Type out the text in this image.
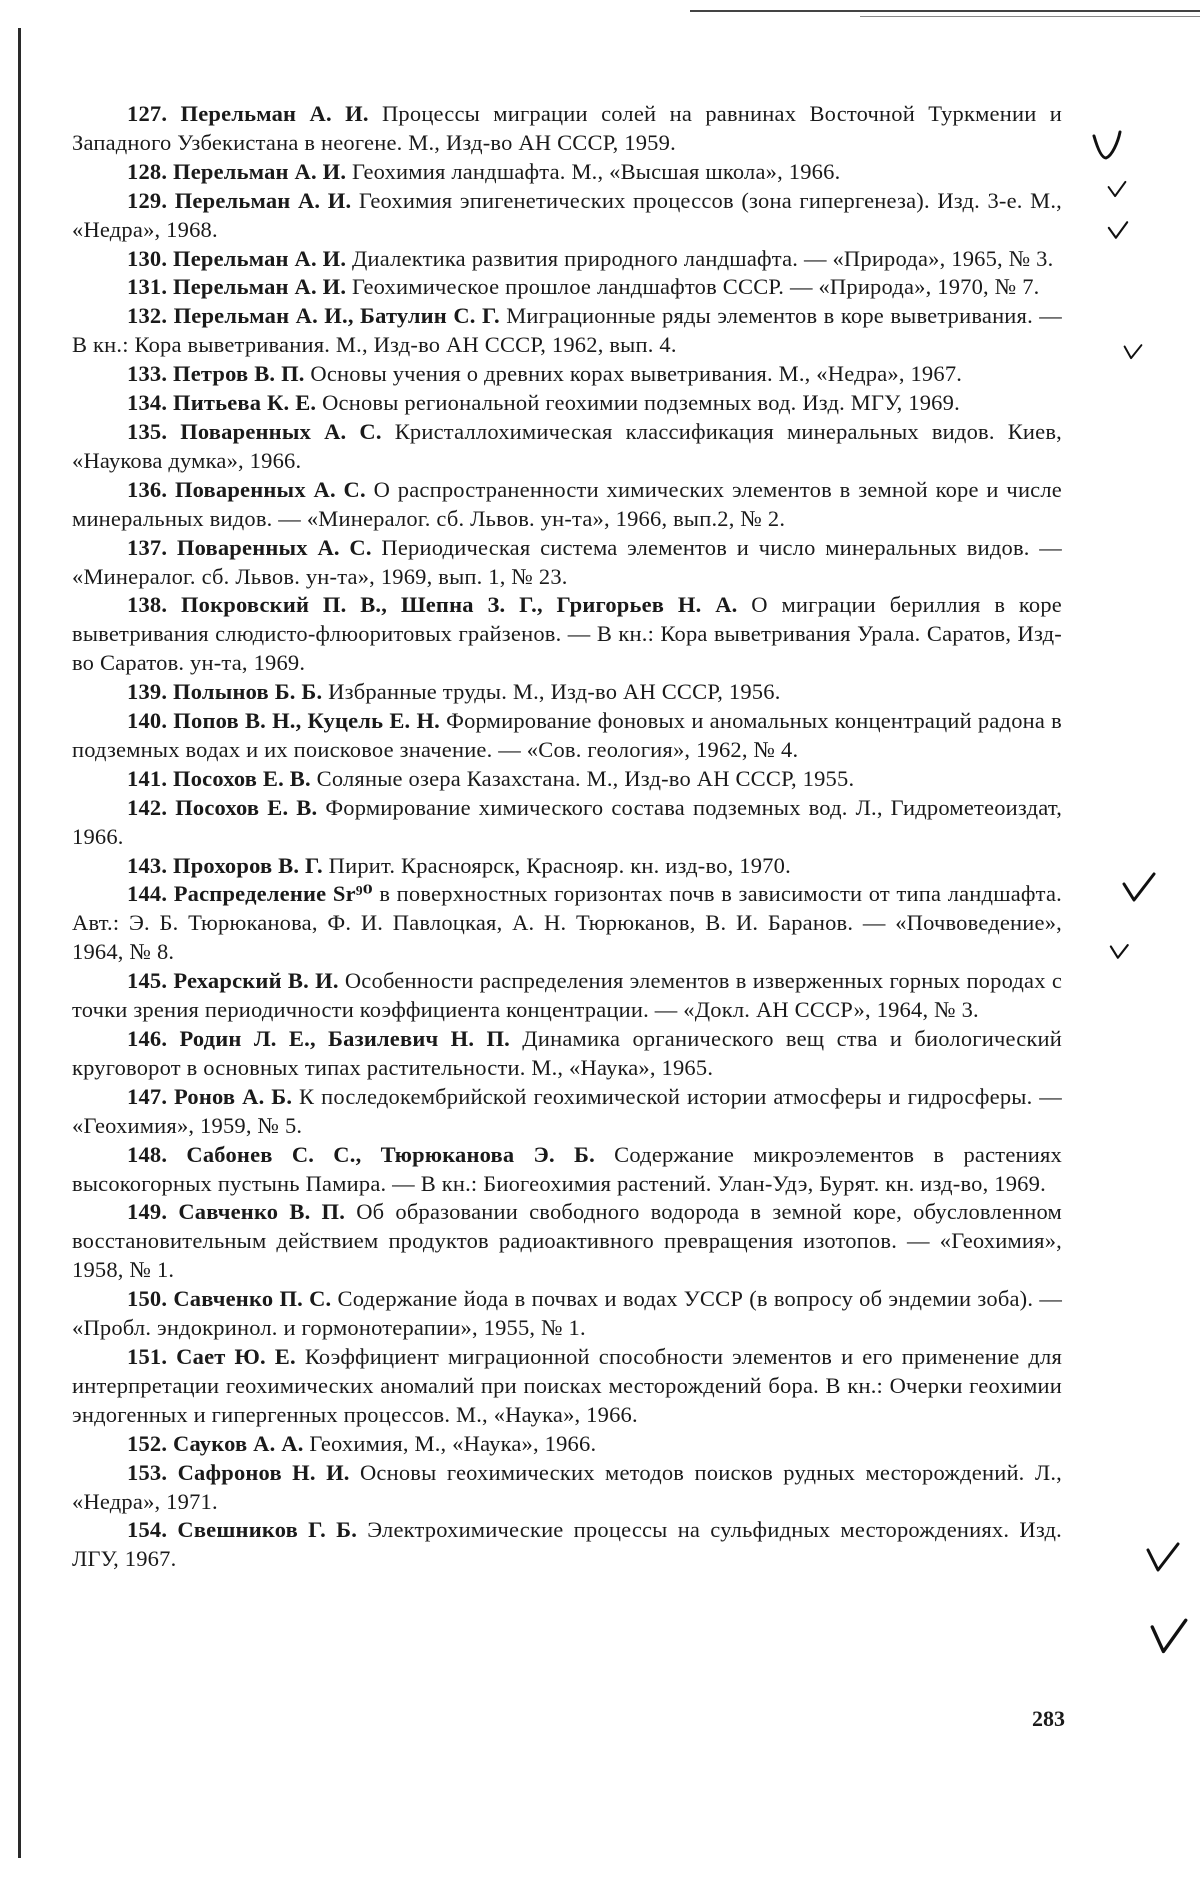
127. Перельман А. И. Процессы миграции солей на равнинах Восточной Туркмении и Западного Узбекистана в неогене. М., Изд-во АН СССР, 1959.

128. Перельман А. И. Геохимия ландшафта. М., «Высшая школа», 1966.

129. Перельман А. И. Геохимия эпигенетических процессов (зона гипергенеза). Изд. 3-е. М., «Недра», 1968.

130. Перельман А. И. Диалектика развития природного ландшафта. — «Природа», 1965, № 3.

131. Перельман А. И. Геохимическое прошлое ландшафтов СССР. — «Природа», 1970, № 7.

132. Перельман А. И., Батулин С. Г. Миграционные ряды элементов в коре выветривания. — В кн.: Кора выветривания. М., Изд-во АН СССР, 1962, вып. 4.

133. Петров В. П. Основы учения о древних корах выветривания. М., «Недра», 1967.

134. Питьева К. Е. Основы региональной геохимии подземных вод. Изд. МГУ, 1969.

135. Поваренных А. С. Кристаллохимическая классификация минеральных видов. Киев, «Наукова думка», 1966.

136. Поваренных А. С. О распространенности химических элементов в земной коре и числе минеральных видов. — «Минералог. сб. Львов. ун-та», 1966, вып.2, № 2.

137. Поваренных А. С. Периодическая система элементов и число минеральных видов. — «Минералог. сб. Львов. ун-та», 1969, вып. 1, № 23.

138. Покровский П. В., Шепна З. Г., Григорьев Н. А. О миграции бериллия в коре выветривания слюдисто-флюоритовых грайзенов. — В кн.: Кора выветривания Урала. Саратов, Изд-во Саратов. ун-та, 1969.

139. Полынов Б. Б. Избранные труды. М., Изд-во АН СССР, 1956.

140. Попов В. Н., Куцель Е. Н. Формирование фоновых и аномальных концентраций радона в подземных водах и их поисковое значение. — «Сов. геология», 1962, № 4.

141. Посохов Е. В. Соляные озера Казахстана. М., Изд-во АН СССР, 1955.

142. Посохов Е. В. Формирование химического состава подземных вод. Л., Гидрометеоиздат, 1966.

143. Прохоров В. Г. Пирит. Красноярск, Краснояр. кн. изд-во, 1970.

144. Распределение Sr⁹⁰ в поверхностных горизонтах почв в зависимости от типа ландшафта. Авт.: Э. Б. Тюрюканова, Ф. И. Павлоцкая, А. Н. Тюрюканов, В. И. Баранов. — «Почвоведение», 1964, № 8.

145. Рехарский В. И. Особенности распределения элементов в изверженных горных породах с точки зрения периодичности коэффициента концентрации. — «Докл. АН СССР», 1964, № 3.

146. Родин Л. Е., Базилевич Н. П. Динамика органического вещ ства и биологический круговорот в основных типах растительности. М., «Наука», 1965.

147. Ронов А. Б. К последокембрийской геохимической истории атмосферы и гидросферы. — «Геохимия», 1959, № 5.

148. Сабонев С. С., Тюрюканова Э. Б. Содержание микроэлементов в растениях высокогорных пустынь Памира. — В кн.: Биогеохимия растений. Улан-Удэ, Бурят. кн. изд-во, 1969.

149. Савченко В. П. Об образовании свободного водорода в земной коре, обусловленном восстановительным действием продуктов радиоактивного превращения изотопов. — «Геохимия», 1958, № 1.

150. Савченко П. С. Содержание йода в почвах и водах УССР (в вопросу об эндемии зоба). — «Пробл. эндокринол. и гормонотерапии», 1955, № 1.

151. Сает Ю. Е. Коэффициент миграционной способности элементов и его применение для интерпретации геохимических аномалий при поисках месторождений бора. В кн.: Очерки геохимии эндогенных и гипергенных процессов. М., «Наука», 1966.

152. Сауков А. А. Геохимия, М., «Наука», 1966.

153. Сафронов Н. И. Основы геохимических методов поисков рудных месторождений. Л., «Недра», 1971.

154. Свешников Г. Б. Электрохимические процессы на сульфидных месторождениях. Изд. ЛГУ, 1967.

283
